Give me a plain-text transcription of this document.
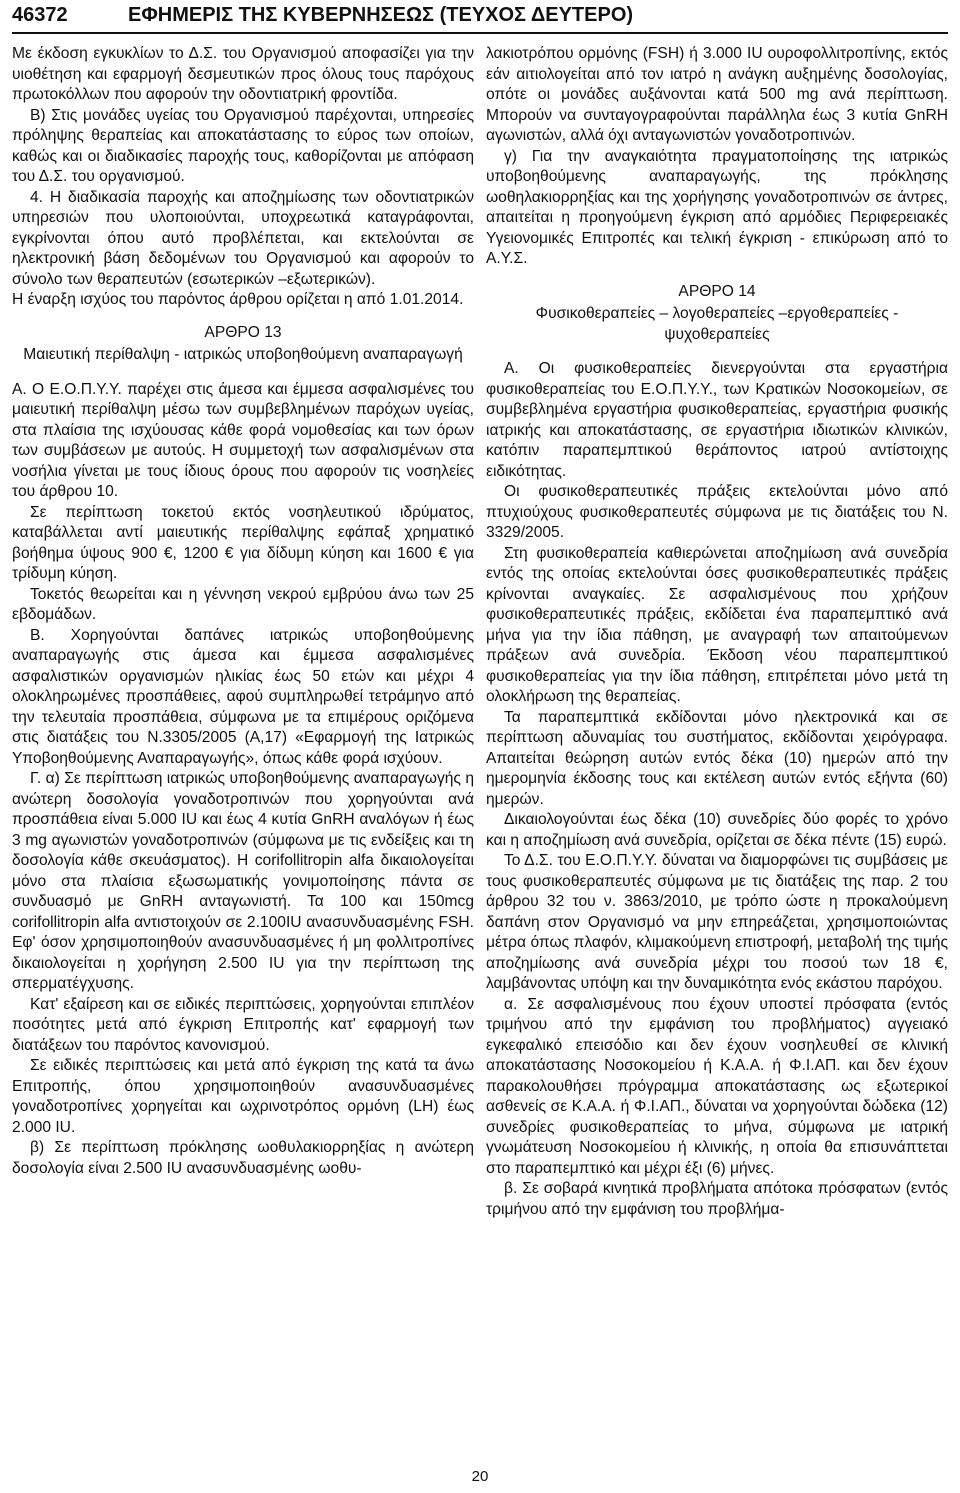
46372	ΕΦΗΜΕΡΙΣ ΤΗΣ ΚΥΒΕΡΝΗΣΕΩΣ (ΤΕΥΧΟΣ ΔΕΥΤΕΡΟ)

Με έκδοση εγκυκλίων το Δ.Σ. του Οργανισμού αποφασίζει για την υιοθέτηση και εφαρμογή δεσμευτικών προς όλους τους παρόχους πρωτοκόλλων που αφορούν την οδοντιατρική φροντίδα.

Β) Στις μονάδες υγείας του Οργανισμού παρέχονται, υπηρεσίες πρόληψης θεραπείας και αποκατάστασης το εύρος των οποίων, καθώς και οι διαδικασίες παροχής τους, καθορίζονται με απόφαση του Δ.Σ. του οργανισμού.

4. Η διαδικασία παροχής και αποζημίωσης των οδοντιατρικών υπηρεσιών που υλοποιούνται, υποχρεωτικά καταγράφονται, εγκρίνονται όπου αυτό προβλέπεται, και εκτελούνται σε ηλεκτρονική βάση δεδομένων του Οργανισμού και αφορούν το σύνολο των θεραπευτών (εσωτερικών –εξωτερικών).

Η έναρξη ισχύος του παρόντος άρθρου ορίζεται η από 1.01.2014.

ΑΡΘΡΟ 13

Μαιευτική περίθαλψη - ιατρικώς υποβοηθούμενη αναπαραγωγή

Α. Ο Ε.Ο.Π.Υ.Υ. παρέχει στις άμεσα και έμμεσα ασφαλισμένες του μαιευτική περίθαλψη μέσω των συμβεβλημένων παρόχων υγείας, στα πλαίσια της ισχύουσας κάθε φορά νομοθεσίας και των όρων των συμβάσεων με αυτούς. Η συμμετοχή των ασφαλισμένων στα νοσήλια γίνεται με τους ίδιους όρους που αφορούν τις νοσηλείες του άρθρου 10.

Σε περίπτωση τοκετού εκτός νοσηλευτικού ιδρύματος, καταβάλλεται αντί μαιευτικής περίθαλψης εφάπαξ χρηματικό βοήθημα ύψους 900 €, 1200 € για δίδυμη κύηση και 1600 € για τρίδυμη κύηση.

Τοκετός θεωρείται και η γέννηση νεκρού εμβρύου άνω των 25 εβδομάδων.

Β. Χορηγούνται δαπάνες ιατρικώς υποβοηθούμενης αναπαραγωγής στις άμεσα και έμμεσα ασφαλισμένες ασφαλιστικών οργανισμών ηλικίας έως 50 ετών και μέχρι 4 ολοκληρωμένες προσπάθειες, αφού συμπληρωθεί τετράμηνο από την τελευταία προσπάθεια, σύμφωνα με τα επιμέρους οριζόμενα στις διατάξεις του Ν.3305/2005 (Α,17) «Εφαρμογή της Ιατρικώς Υποβοηθούμενης Αναπαραγωγής», όπως κάθε φορά ισχύουν.

Γ. α) Σε περίπτωση ιατρικώς υποβοηθούμενης αναπαραγωγής η ανώτερη δοσολογία γοναδοτροπινών που χορηγούνται ανά προσπάθεια είναι 5.000 IU και έως 4 κυτία GnRH αναλόγων ή έως 3 mg αγωνιστών γοναδοτροπινών (σύμφωνα με τις ενδείξεις και τη δοσολογία κάθε σκευάσματος). Η corifollitropin alfa δικαιολογείται μόνο στα πλαίσια εξωσωματικής γονιμοποίησης πάντα σε συνδυασμό με GnRH ανταγωνιστή. Τα 100 και 150mcg corifollitropin alfa αντιστοιχούν σε 2.100IU ανασυνδυασμένης FSH. Εφ' όσον χρησιμοποιηθούν ανασυνδυασμένες ή μη φολλιτροπίνες δικαιολογείται η χορήγηση 2.500 IU για την περίπτωση της σπερματέγχυσης.

Κατ' εξαίρεση και σε ειδικές περιπτώσεις, χορηγούνται επιπλέον ποσότητες μετά από έγκριση Επιτροπής κατ' εφαρμογή των διατάξεων του παρόντος κανονισμού.

Σε ειδικές περιπτώσεις και μετά από έγκριση της κατά τα άνω Επιτροπής, όπου χρησιμοποιηθούν ανασυνδυασμένες γοναδοτροπίνες χορηγείται και ωχρινοτρόπος ορμόνη (LH) έως 2.000 IU.

β) Σε περίπτωση πρόκλησης ωοθυλακιορρηξίας η ανώτερη δοσολογία είναι 2.500 IU ανασυνδυασμένης ωοθυ-

λακιοτρόπου ορμόνης (FSH) ή 3.000 IU ουροφολλιτροπίνης, εκτός εάν αιτιολογείται από τον ιατρό η ανάγκη αυξημένης δοσολογίας, οπότε οι μονάδες αυξάνονται κατά 500 mg ανά περίπτωση. Μπορούν να συνταγογραφούνται παράλληλα έως 3 κυτία GnRH αγωνιστών, αλλά όχι ανταγωνιστών γοναδοτροπινών.

γ) Για την αναγκαιότητα πραγματοποίησης της ιατρικώς υποβοηθούμενης αναπαραγωγής, της πρόκλησης ωοθηλακιορρηξίας και της χορήγησης γοναδοτροπινών σε άντρες, απαιτείται η προηγούμενη έγκριση από αρμόδιες Περιφερειακές Υγειονομικές Επιτροπές και τελική έγκριση - επικύρωση από το Α.Υ.Σ.

ΑΡΘΡΟ 14

Φυσικοθεραπείες – λογοθεραπείες –εργοθεραπείες - ψυχοθεραπείες

Α. Οι φυσικοθεραπείες διενεργούνται στα εργαστήρια φυσικοθεραπείας του Ε.Ο.Π.Υ.Υ., των Κρατικών Νοσοκομείων, σε συμβεβλημένα εργαστήρια φυσικοθεραπείας, εργαστήρια φυσικής ιατρικής και αποκατάστασης, σε εργαστήρια ιδιωτικών κλινικών, κατόπιν παραπεμπτικού θεράποντος ιατρού αντίστοιχης ειδικότητας.

Οι φυσικοθεραπευτικές πράξεις εκτελούνται μόνο από πτυχιούχους φυσικοθεραπευτές σύμφωνα με τις διατάξεις του Ν. 3329/2005.

Στη φυσικοθεραπεία καθιερώνεται αποζημίωση ανά συνεδρία εντός της οποίας εκτελούνται όσες φυσικοθεραπευτικές πράξεις κρίνονται αναγκαίες. Σε ασφαλισμένους που χρήζουν φυσικοθεραπευτικές πράξεις, εκδίδεται ένα παραπεμπτικό ανά μήνα για την ίδια πάθηση, με αναγραφή των απαιτούμενων πράξεων ανά συνεδρία. Έκδοση νέου παραπεμπτικού φυσικοθεραπείας για την ίδια πάθηση, επιτρέπεται μόνο μετά τη ολοκλήρωση της θεραπείας.

Τα παραπεμπτικά εκδίδονται μόνο ηλεκτρονικά και σε περίπτωση αδυναμίας του συστήματος, εκδίδονται χειρόγραφα. Απαιτείται θεώρηση αυτών εντός δέκα (10) ημερών από την ημερομηνία έκδοσης τους και εκτέλεση αυτών εντός εξήντα (60) ημερών.

Δικαιολογούνται έως δέκα (10) συνεδρίες δύο φορές το χρόνο και η αποζημίωση ανά συνεδρία, ορίζεται σε δέκα πέντε (15) ευρώ.

Το Δ.Σ. του Ε.Ο.Π.Υ.Υ. δύναται να διαμορφώνει τις συμβάσεις με τους φυσικοθεραπευτές σύμφωνα με τις διατάξεις της παρ. 2 του άρθρου 32 του ν. 3863/2010, με τρόπο ώστε η προκαλούμενη δαπάνη στον Οργανισμό να μην επηρεάζεται, χρησιμοποιώντας μέτρα όπως πλαφόν, κλιμακούμενη επιστροφή, μεταβολή της τιμής αποζημίωσης ανά συνεδρία μέχρι του ποσού των 18 €, λαμβάνοντας υπόψη και την δυναμικότητα ενός εκάστου παρόχου.

α. Σε ασφαλισμένους που έχουν υποστεί πρόσφατα (εντός τριμήνου από την εμφάνιση του προβλήματος) αγγειακό εγκεφαλικό επεισόδιο και δεν έχουν νοσηλευθεί σε κλινική αποκατάστασης Νοσοκομείου ή Κ.Α.Α. ή Φ.Ι.ΑΠ. και δεν έχουν παρακολουθήσει πρόγραμμα αποκατάστασης ως εξωτερικοί ασθενείς σε Κ.Α.Α. ή Φ.Ι.ΑΠ., δύναται να χορηγούνται δώδεκα (12) συνεδρίες φυσικοθεραπείας το μήνα, σύμφωνα με ιατρική γνωμάτευση Νοσοκομείου ή κλινικής, η οποία θα επισυνάπτεται στο παραπεμπτικό και μέχρι έξι (6) μήνες.

β. Σε σοβαρά κινητικά προβλήματα απότοκα πρόσφατων (εντός τριμήνου από την εμφάνιση του προβλήμα-

20
